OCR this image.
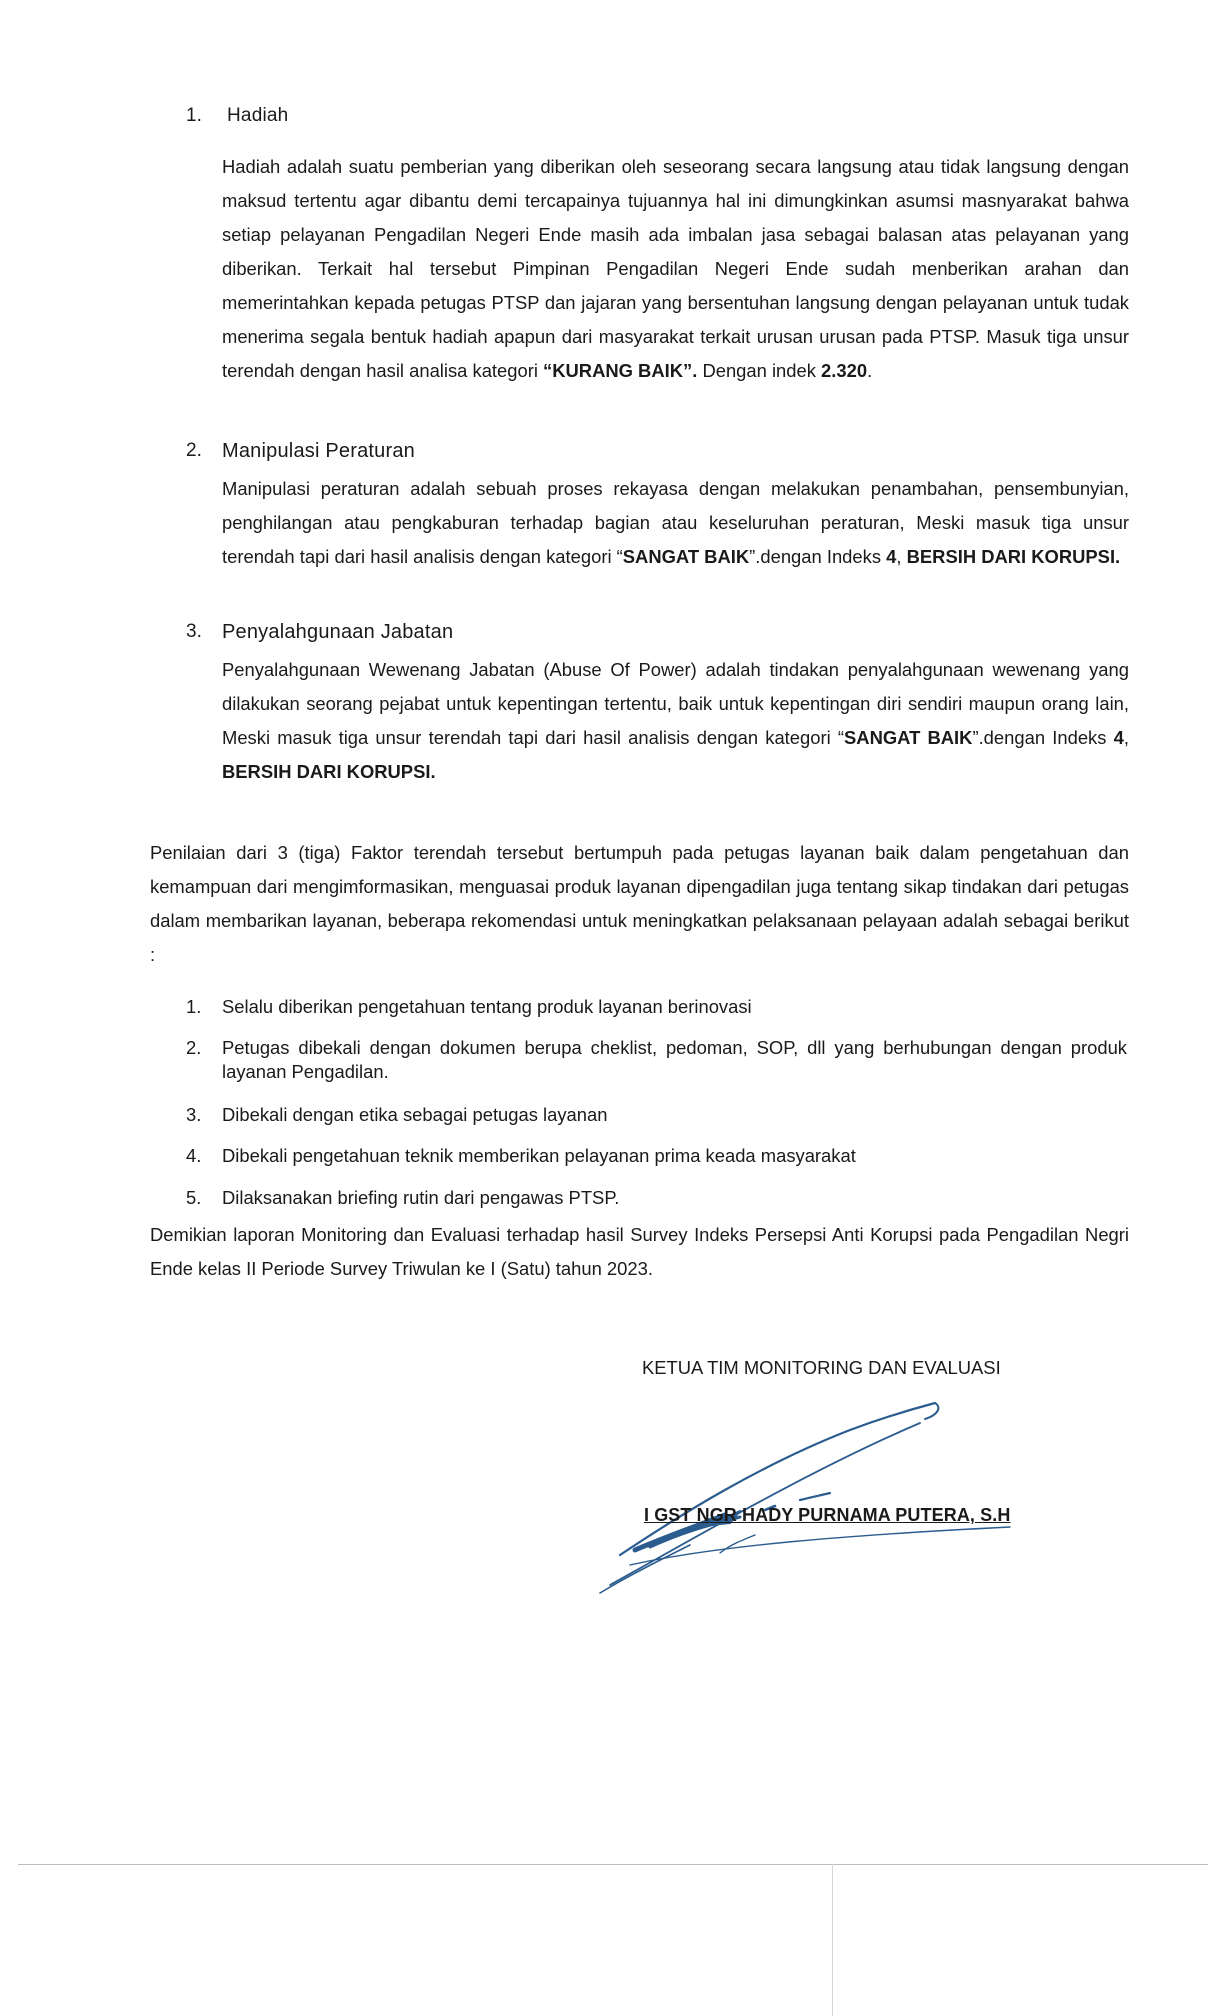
1.	Hadiah
Hadiah adalah suatu pemberian yang diberikan oleh seseorang secara langsung atau tidak langsung dengan maksud tertentu agar dibantu demi tercapainya tujuannya hal ini dimungkinkan asumsi masnyarakat bahwa setiap pelayanan Pengadilan Negeri Ende masih ada imbalan jasa sebagai balasan atas pelayanan yang diberikan. Terkait hal tersebut Pimpinan Pengadilan Negeri Ende sudah menberikan arahan dan memerintahkan kepada petugas PTSP dan jajaran yang bersentuhan langsung dengan pelayanan untuk tudak menerima segala bentuk hadiah apapun dari masyarakat terkait urusan urusan pada PTSP. Masuk tiga unsur terendah dengan hasil analisa kategori “KURANG BAIK”. Dengan indek 2.320.
2.	Manipulasi Peraturan
Manipulasi peraturan adalah sebuah proses rekayasa dengan melakukan penambahan, pensembunyian, penghilangan atau pengkaburan terhadap bagian atau keseluruhan peraturan, Meski masuk tiga unsur terendah tapi dari hasil analisis dengan kategori “SANGAT BAIK”.dengan Indeks 4, BERSIH DARI KORUPSI.
3.	Penyalahgunaan Jabatan
Penyalahgunaan Wewenang Jabatan (Abuse Of Power) adalah tindakan penyalahgunaan wewenang yang dilakukan seorang pejabat untuk kepentingan tertentu, baik untuk kepentingan diri sendiri maupun orang lain, Meski masuk tiga unsur terendah tapi dari hasil analisis dengan kategori “SANGAT BAIK”.dengan Indeks 4, BERSIH DARI KORUPSI.
Penilaian dari 3 (tiga) Faktor terendah tersebut bertumpuh pada petugas layanan baik dalam pengetahuan dan kemampuan dari mengimformasikan, menguasai produk layanan dipengadilan juga tentang sikap tindakan dari petugas dalam membarikan layanan, beberapa rekomendasi untuk meningkatkan pelaksanaan pelayaan adalah sebagai berikut :
1.	Selalu diberikan pengetahuan tentang produk layanan berinovasi
2.	Petugas dibekali dengan dokumen berupa cheklist, pedoman, SOP, dll yang berhubungan dengan produk layanan Pengadilan.
3.	Dibekali dengan etika sebagai petugas layanan
4.	Dibekali pengetahuan teknik memberikan pelayanan prima keada masyarakat
5.	Dilaksanakan briefing rutin dari pengawas PTSP.
Demikian laporan Monitoring dan Evaluasi terhadap hasil Survey Indeks Persepsi Anti Korupsi pada Pengadilan Negri Ende kelas II Periode Survey Triwulan ke I (Satu) tahun 2023.
KETUA TIM MONITORING DAN EVALUASI
I GST NGR HADY PURNAMA PUTERA, S.H
